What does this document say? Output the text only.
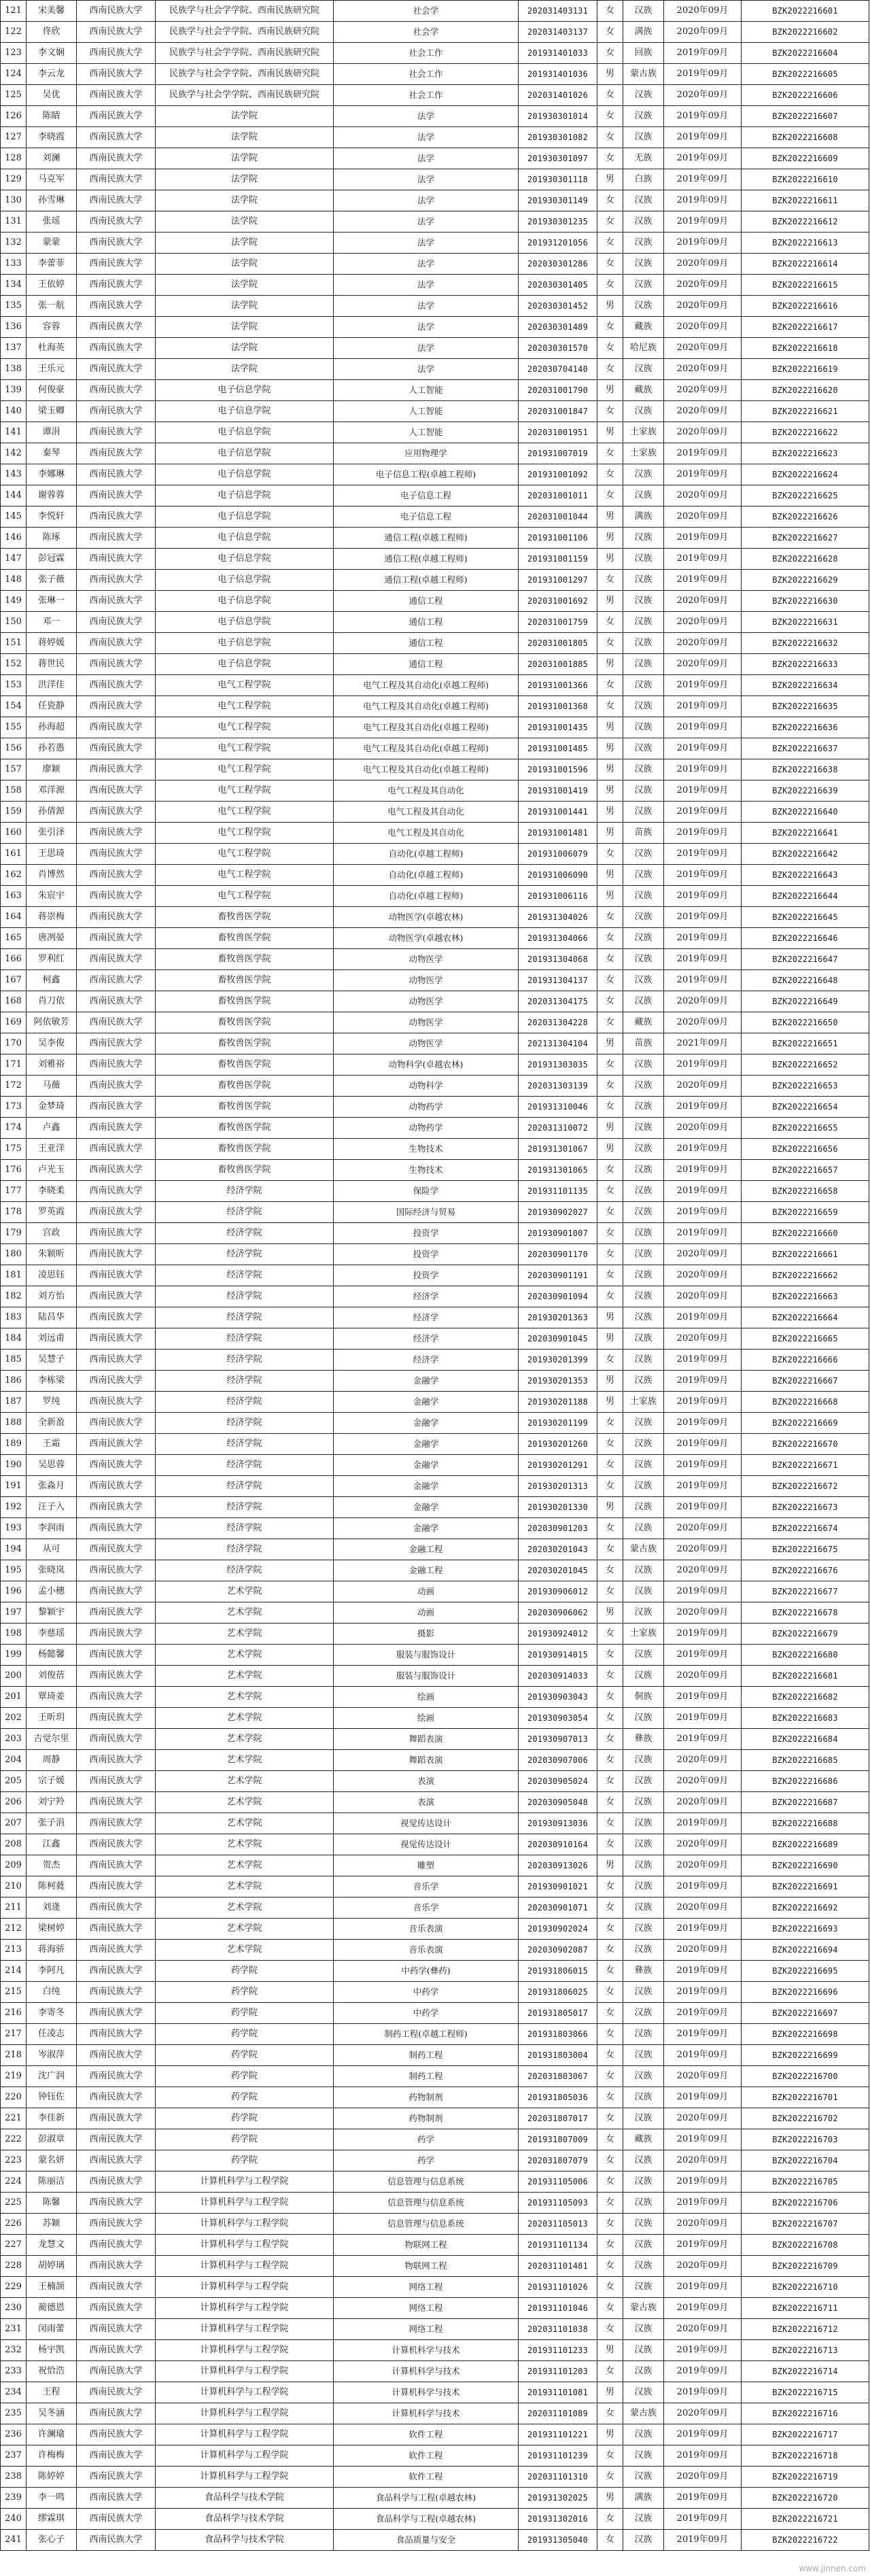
121	宋美馨	西南民族大学	民族学与社会学学院、西南民族研究院	社会学	202031403131	女	汉族	2020年09月	BZK2022216601
122	佟欣	西南民族大学	民族学与社会学学院、西南民族研究院	社会学	202031403137	女	满族	2020年09月	BZK2022216602
123	李文娴	西南民族大学	民族学与社会学学院、西南民族研究院	社会工作	201931401033	女	回族	2019年09月	BZK2022216604
124	李云龙	西南民族大学	民族学与社会学学院、西南民族研究院	社会工作	201931401036	男	蒙古族	2019年09月	BZK2022216605
125	吴优	西南民族大学	民族学与社会学学院、西南民族研究院	社会工作	202031401026	女	汉族	2020年09月	BZK2022216606
126	陈睛	西南民族大学	法学院	法学	201930301014	女	汉族	2019年09月	BZK2022216607
127	李晓霞	西南民族大学	法学院	法学	201930301082	女	汉族	2019年09月	BZK2022216608
128	刘澜	西南民族大学	法学院	法学	201930301097	女	无族	2019年09月	BZK2022216609
129	马克军	西南民族大学	法学院	法学	201930301118	男	白族	2019年09月	BZK2022216610
130	孙雪琳	西南民族大学	法学院	法学	201930301149	女	汉族	2019年09月	BZK2022216611
131	张瑶	西南民族大学	法学院	法学	201930301235	女	汉族	2019年09月	BZK2022216612
132	蒙蒙	西南民族大学	法学院	法学	201931201056	女	汉族	2019年09月	BZK2022216613
133	李蕾菲	西南民族大学	法学院	法学	202030301286	女	汉族	2020年09月	BZK2022216614
134	王依婷	西南民族大学	法学院	法学	202030301405	女	汉族	2020年09月	BZK2022216615
135	张一航	西南民族大学	法学院	法学	202030301452	男	汉族	2020年09月	BZK2022216616
136	容蓉	西南民族大学	法学院	法学	202030301489	女	藏族	2020年09月	BZK2022216617
137	杜海英	西南民族大学	法学院	法学	202030301570	女	哈尼族	2020年09月	BZK2022216618
138	王乐元	西南民族大学	法学院	法学	202030704140	女	汉族	2020年09月	BZK2022216619
139	何俊豪	西南民族大学	电子信息学院	人工智能	202031001790	男	藏族	2020年09月	BZK2022216620
140	梁玉卿	西南民族大学	电子信息学院	人工智能	202031001847	女	汉族	2020年09月	BZK2022216621
141	谭涓	西南民族大学	电子信息学院	人工智能	202031001951	男	土家族	2020年09月	BZK2022216622
142	秦琴	西南民族大学	电子信息学院	应用物理学	201931007019	女	土家族	2019年09月	BZK2022216623
143	李娜琳	西南民族大学	电子信息学院	电子信息工程(卓越工程师)	201931001092	女	汉族	2019年09月	BZK2022216624
144	谢蓉蓉	西南民族大学	电子信息学院	电子信息工程	202031001011	女	汉族	2020年09月	BZK2022216625
145	李悦轩	西南民族大学	电子信息学院	电子信息工程	202031001044	男	满族	2020年09月	BZK2022216626
146	陈琢	西南民族大学	电子信息学院	通信工程(卓越工程师)	201931001106	男	汉族	2019年09月	BZK2022216627
147	彭冠霖	西南民族大学	电子信息学院	通信工程(卓越工程师)	201931001159	男	汉族	2019年09月	BZK2022216628
148	张子薇	西南民族大学	电子信息学院	通信工程(卓越工程师)	201931001297	女	汉族	2019年09月	BZK2022216629
149	张琳一	西南民族大学	电子信息学院	通信工程	202031001692	男	汉族	2020年09月	BZK2022216630
150	邓一	西南民族大学	电子信息学院	通信工程	202031001759	女	汉族	2020年09月	BZK2022216631
151	蒋婷媛	西南民族大学	电子信息学院	通信工程	202031001805	女	汉族	2020年09月	BZK2022216632
152	蒋世民	西南民族大学	电子信息学院	通信工程	202031001885	男	汉族	2020年09月	BZK2022216633
153	洪洋佳	西南民族大学	电气工程学院	电气工程及其自动化(卓越工程师)	201931001366	女	汉族	2019年09月	BZK2022216634
154	任瓷静	西南民族大学	电气工程学院	电气工程及其自动化(卓越工程师)	201931001368	女	汉族	2019年09月	BZK2022216635
155	孙海超	西南民族大学	电气工程学院	电气工程及其自动化(卓越工程师)	201931001435	男	汉族	2019年09月	BZK2022216636
156	孙若愚	西南民族大学	电气工程学院	电气工程及其自动化(卓越工程师)	201931001485	男	汉族	2019年09月	BZK2022216637
157	廖颖	西南民族大学	电气工程学院	电气工程及其自动化(卓越工程师)	201931001596	男	汉族	2019年09月	BZK2022216638
158	邓洋源	西南民族大学	电气工程学院	电气工程及其自动化	201931001419	男	汉族	2019年09月	BZK2022216639
159	孙倩源	西南民族大学	电气工程学院	电气工程及其自动化	201931001441	男	汉族	2019年09月	BZK2022216640
160	张引泽	西南民族大学	电气工程学院	电气工程及其自动化	201931001481	男	苗族	2019年09月	BZK2022216641
161	王思琦	西南民族大学	电气工程学院	自动化(卓越工程师)	201931006079	女	汉族	2019年09月	BZK2022216642
162	肖博然	西南民族大学	电气工程学院	自动化(卓越工程师)	201931006090	男	汉族	2019年09月	BZK2022216643
163	朱宸宇	西南民族大学	电气工程学院	自动化(卓越工程师)	201931006116	男	汉族	2019年09月	BZK2022216644
164	蒋崇梅	西南民族大学	畜牧兽医学院	动物医学(卓越农林)	201931304026	女	汉族	2019年09月	BZK2022216645
165	唐冽晏	西南民族大学	畜牧兽医学院	动物医学(卓越农林)	201931304066	女	汉族	2019年09月	BZK2022216646
166	罗利红	西南民族大学	畜牧兽医学院	动物医学	201931304068	女	汉族	2019年09月	BZK2022216647
167	柯鑫	西南民族大学	畜牧兽医学院	动物医学	201931304137	女	汉族	2019年09月	BZK2022216648
168	肖刀依	西南民族大学	畜牧兽医学院	动物医学	202031304175	女	汉族	2020年09月	BZK2022216649
169	阿依敏芳	西南民族大学	畜牧兽医学院	动物医学	202031304228	女	藏族	2020年09月	BZK2022216650
170	吴李俊	西南民族大学	畜牧兽医学院	动物医学	202131304104	男	苗族	2021年09月	BZK2022216651
171	刘雅裕	西南民族大学	畜牧兽医学院	动物科学(卓越农林)	201931303035	女	汉族	2019年09月	BZK2022216652
172	马薇	西南民族大学	畜牧兽医学院	动物科学	202031303139	女	汉族	2020年09月	BZK2022216653
173	金梦琦	西南民族大学	畜牧兽医学院	动物药学	201931310046	女	汉族	2019年09月	BZK2022216654
174	卢鑫	西南民族大学	畜牧兽医学院	动物药学	202031310072	男	汉族	2020年09月	BZK2022216655
175	王亚洋	西南民族大学	畜牧兽医学院	生物技术	201931301067	男	汉族	2019年09月	BZK2022216656
176	卢光玉	西南民族大学	畜牧兽医学院	生物技术	201931301065	女	汉族	2019年09月	BZK2022216657
177	李晓柔	西南民族大学	经济学院	保险学	201931101135	女	汉族	2019年09月	BZK2022216658
178	罗英霞	西南民族大学	经济学院	国际经济与贸易	201930902027	女	汉族	2019年09月	BZK2022216659
179	宫政	西南民族大学	经济学院	投资学	201930901007	女	汉族	2019年09月	BZK2022216660
180	朱颖昕	西南民族大学	经济学院	投资学	202030901170	女	汉族	2020年09月	BZK2022216661
181	凌思钰	西南民族大学	经济学院	投资学	202030901191	女	汉族	2020年09月	BZK2022216662
182	刘方怡	西南民族大学	经济学院	经济学	202030901094	女	汉族	2020年09月	BZK2022216663
183	陆昌华	西南民族大学	经济学院	经济学	201930201363	男	汉族	2019年09月	BZK2022216664
184	刘远甫	西南民族大学	经济学院	经济学	202030901045	男	汉族	2020年09月	BZK2022216665
185	吴慧子	西南民族大学	经济学院	经济学	201930201399	女	汉族	2019年09月	BZK2022216666
186	李栋梁	西南民族大学	经济学院	金融学	201930201353	男	汉族	2019年09月	BZK2022216667
187	罗纯	西南民族大学	经济学院	金融学	201930201188	男	土家族	2019年09月	BZK2022216668
188	全新盈	西南民族大学	经济学院	金融学	201930201199	女	汉族	2019年09月	BZK2022216669
189	王霜	西南民族大学	经济学院	金融学	201930201260	女	汉族	2019年09月	BZK2022216670
190	吴思蓉	西南民族大学	经济学院	金融学	201930201291	女	汉族	2019年09月	BZK2022216671
191	张淼月	西南民族大学	经济学院	金融学	201930201313	女	汉族	2019年09月	BZK2022216672
192	汪子入	西南民族大学	经济学院	金融学	201930201330	男	汉族	2019年09月	BZK2022216673
193	李润雨	西南民族大学	经济学院	金融学	202030901203	女	汉族	2020年09月	BZK2022216674
194	从可	西南民族大学	经济学院	金融工程	202030201043	女	蒙古族	2020年09月	BZK2022216675
195	张晓岚	西南民族大学	经济学院	金融工程	202030201045	女	汉族	2020年09月	BZK2022216676
196	孟小穗	西南民族大学	艺术学院	动画	201930906012	女	汉族	2019年09月	BZK2022216677
197	黎颖宇	西南民族大学	艺术学院	动画	202030906062	男	汉族	2020年09月	BZK2022216678
198	李慈瑶	西南民族大学	艺术学院	摄影	201930924012	女	土家族	2019年09月	BZK2022216679
199	杨懿馨	西南民族大学	艺术学院	服装与服饰设计	201930914015	女	汉族	2019年09月	BZK2022216680
200	刘俊蓓	西南民族大学	艺术学院	服装与服饰设计	202030914033	女	汉族	2020年09月	BZK2022216681
201	覃琦姜	西南民族大学	艺术学院	绘画	201930903043	女	侗族	2019年09月	BZK2022216682
202	王昕玥	西南民族大学	艺术学院	绘画	201930903054	女	汉族	2019年09月	BZK2022216683
203	吉觉尔里	西南民族大学	艺术学院	舞蹈表演	201930907013	女	彝族	2019年09月	BZK2022216684
204	周静	西南民族大学	艺术学院	舞蹈表演	202030907006	女	汉族	2020年09月	BZK2022216685
205	宗子媛	西南民族大学	艺术学院	表演	202030905024	女	汉族	2020年09月	BZK2022216686
206	刘宁羚	西南民族大学	艺术学院	表演	202030905048	女	汉族	2020年09月	BZK2022216687
207	张子涓	西南民族大学	艺术学院	视觉传达设计	201930913036	女	汉族	2019年09月	BZK2022216688
208	江鑫	西南民族大学	艺术学院	视觉传达设计	202030910164	女	汉族	2020年09月	BZK2022216689
209	贺杰	西南民族大学	艺术学院	雕塑	202030913026	男	汉族	2020年09月	BZK2022216690
210	陈柯蕤	西南民族大学	艺术学院	音乐学	201930901021	女	汉族	2019年09月	BZK2022216691
211	刘逄	西南民族大学	艺术学院	音乐学	202030901071	女	汉族	2020年09月	BZK2022216692
212	梁树婷	西南民族大学	艺术学院	音乐表演	201930902024	女	汉族	2019年09月	BZK2022216693
213	蒋海骄	西南民族大学	艺术学院	音乐表演	202030902087	女	汉族	2020年09月	BZK2022216694
214	李阿凡	西南民族大学	药学院	中药学(彝药)	201931806015	女	彝族	2019年09月	BZK2022216695
215	白纯	西南民族大学	药学院	中药学	201931806025	女	汉族	2019年09月	BZK2022216696
216	李寄冬	西南民族大学	药学院	中药学	201931805017	女	汉族	2019年09月	BZK2022216697
217	任凌志	西南民族大学	药学院	制药工程(卓越工程师)	201931803066	女	汉族	2019年09月	BZK2022216698
218	岑淑萍	西南民族大学	药学院	制药工程	201931803004	女	汉族	2019年09月	BZK2022216699
219	沈广润	西南民族大学	药学院	制药工程	202031803067	女	汉族	2020年09月	BZK2022216700
220	钟钰佐	西南民族大学	药学院	药物制剂	201931805036	女	汉族	2019年09月	BZK2022216701
221	李佳新	西南民族大学	药学院	药物制剂	202031807017	女	汉族	2020年09月	BZK2022216702
222	彭淑章	西南民族大学	药学院	药学	201931807009	女	藏族	2019年09月	BZK2022216703
223	蒙名妍	西南民族大学	药学院	药学	202031807079	女	汉族	2020年09月	BZK2022216704
224	陈丽洁	西南民族大学	计算机科学与工程学院	信息管理与信息系统	201931105006	女	汉族	2019年09月	BZK2022216705
225	陈馨	西南民族大学	计算机科学与工程学院	信息管理与信息系统	201931105093	女	汉族	2019年09月	BZK2022216706
226	苏颖	西南民族大学	计算机科学与工程学院	信息管理与信息系统	202031105013	女	汉族	2020年09月	BZK2022216707
227	龙慧文	西南民族大学	计算机科学与工程学院	物联网工程	201931101134	女	汉族	2019年09月	BZK2022216708
228	胡婷璃	西南民族大学	计算机科学与工程学院	物联网工程	202031101481	女	汉族	2020年09月	BZK2022216709
229	王楠颉	西南民族大学	计算机科学与工程学院	网络工程	201931101026	女	汉族	2019年09月	BZK2022216710
230	蔺德恩	西南民族大学	计算机科学与工程学院	网络工程	201931101046	女	蒙古族	2019年09月	BZK2022216711
231	闵雨蕾	西南民族大学	计算机科学与工程学院	网络工程	202031101038	女	汉族	2020年09月	BZK2022216712
232	杨宇凯	西南民族大学	计算机科学与工程学院	计算机科学与技术	201931101233	男	汉族	2019年09月	BZK2022216713
233	祝恰浩	西南民族大学	计算机科学与工程学院	计算机科学与技术	201931101203	女	汉族	2019年09月	BZK2022216714
234	王程	西南民族大学	计算机科学与工程学院	计算机科学与技术	201931101081	男	汉族	2019年09月	BZK2022216715
235	吴冬涵	西南民族大学	计算机科学与工程学院	计算机科学与技术	202031101089	女	蒙古族	2020年09月	BZK2022216716
236	许澜瑜	西南民族大学	计算机科学与工程学院	软件工程	201931101221	男	汉族	2019年09月	BZK2022216717
237	许梅梅	西南民族大学	计算机科学与工程学院	软件工程	201931101239	女	汉族	2019年09月	BZK2022216718
238	陈婷婷	西南民族大学	计算机科学与工程学院	软件工程	202031101310	女	汉族	2020年09月	BZK2022216719
239	李一鸣	西南民族大学	食品科学与技术学院	食品科学与工程(卓越农林)	201931302025	男	满族	2019年09月	BZK2022216720
240	缪霖琪	西南民族大学	食品科学与技术学院	食品科学与工程(卓越农林)	201931302016	女	汉族	2019年09月	BZK2022216721
241	张心子	西南民族大学	食品科学与技术学院	食品质量与安全	201931305040	女	汉族	2019年09月	BZK2022216722
www.jinnen.com
